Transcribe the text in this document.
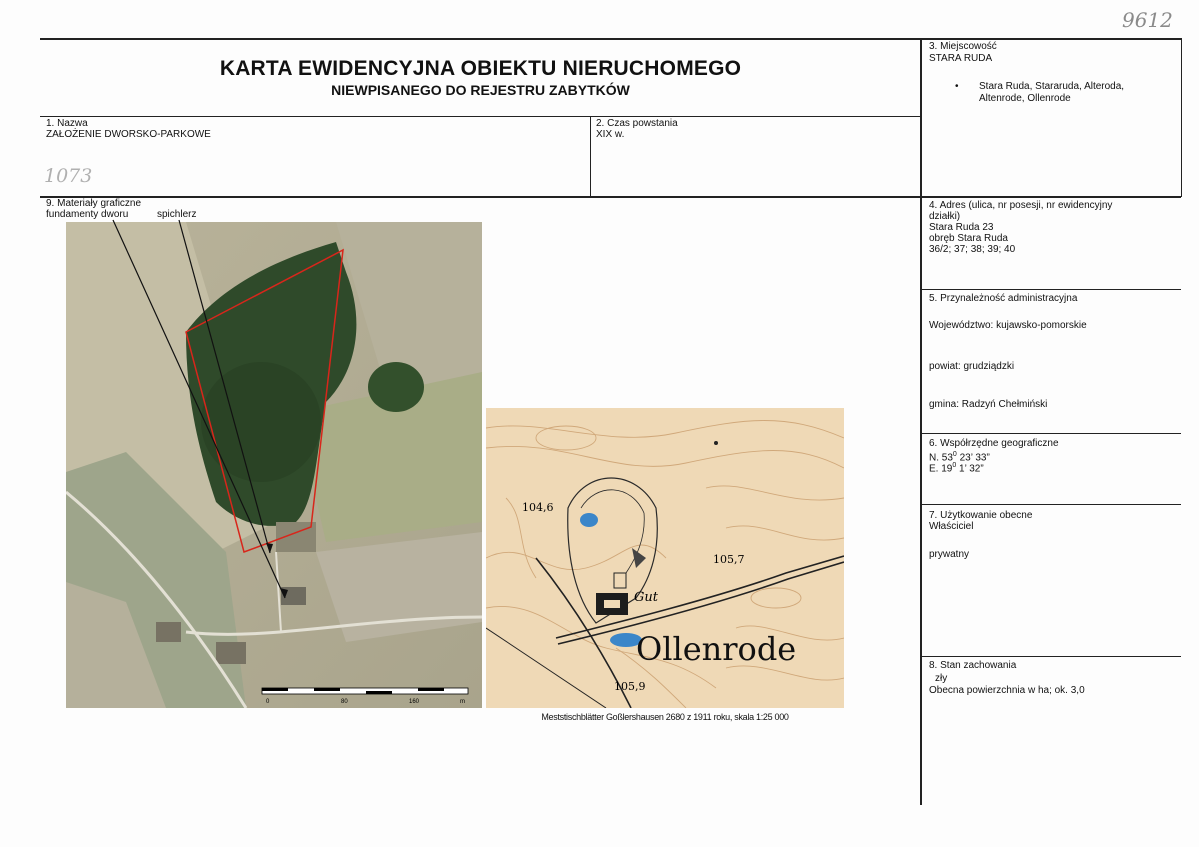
9612
1073
KARTA EWIDENCYJNA OBIEKTU NIERUCHOMEGO
NIEWPISANEGO DO REJESTRU ZABYTKÓW
3. Miejscowość
STARA RUDA
• Stara Ruda, Stararuda, Alteroda,
Altenrode, Ollenrode
1. Nazwa
ZAŁOŻENIE DWORSKO-PARKOWE
2. Czas powstania
XIX w.
9. Materiały graficzne
fundamenty dworu	spichlerz
4. Adres (ulica, nr posesji, nr ewidencyjny
działki)
Stara Ruda 23
obręb Stara Ruda
36/2; 37; 38; 39; 40
5. Przynależność administracyjna
Województwo: kujawsko-pomorskie
powiat: grudziądzki
gmina: Radzyń Chełmiński
6. Współrzędne geograficzne
N. $53^0$ 23’ 33”
E. $19^0$ 1’ 32”
7. Użytkowanie obecne
Właściciel
prywatny
8. Stan zachowania
zły
Obecna powierzchnia w ha; ok. 3,0
0	80	160	m
104,6
105,7
105,9
Gut
Ollenrode
Meststischblätter Goßlershausen 2680 z 1911 roku, skala 1:25 000
